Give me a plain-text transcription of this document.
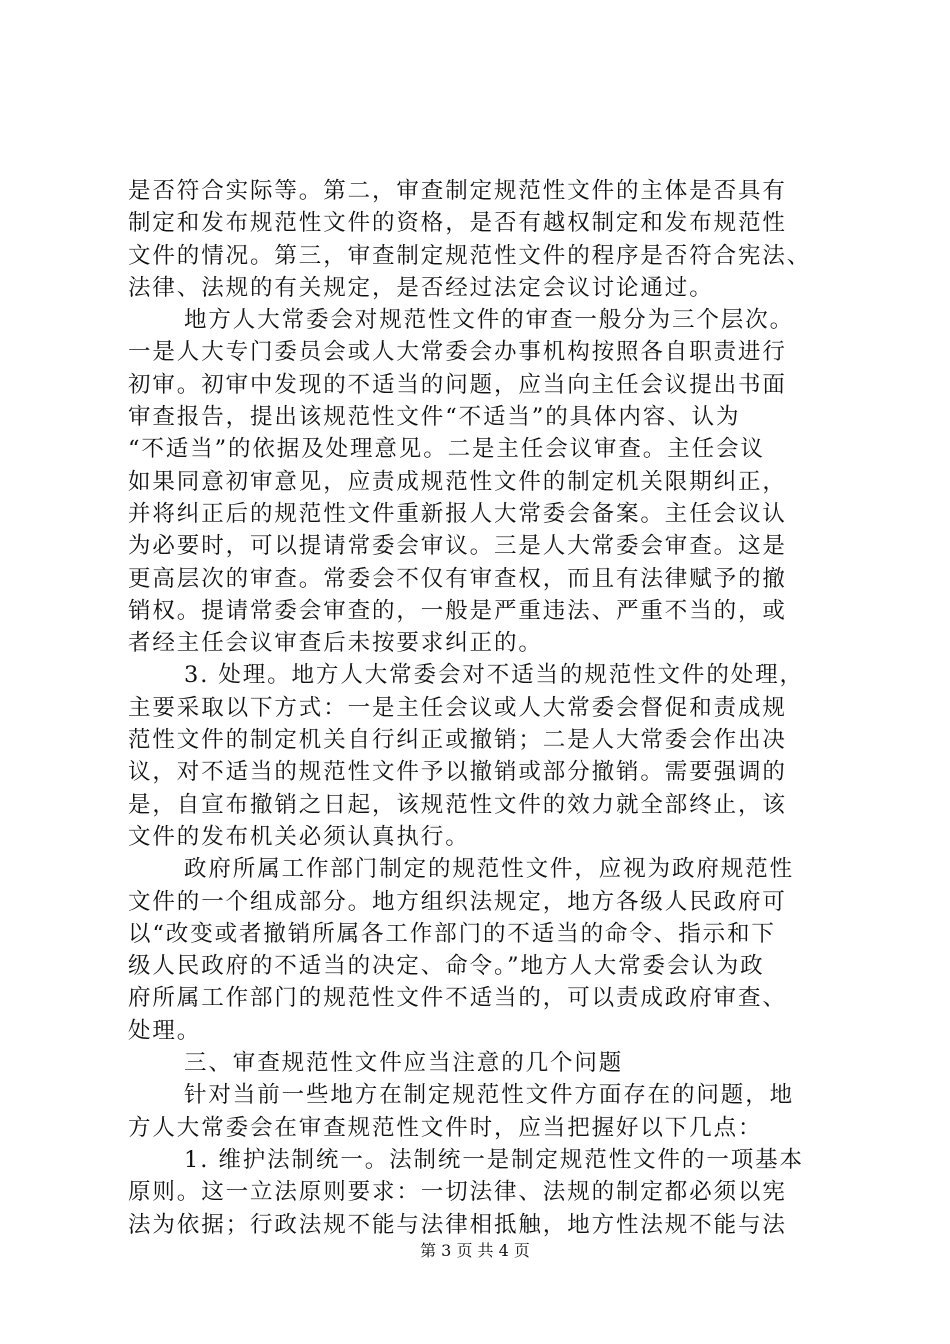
是否符合实际等。第二，审查制定规范性文件的主体是否具有
制定和发布规范性文件的资格，是否有越权制定和发布规范性
文件的情况。第三，审查制定规范性文件的程序是否符合宪法、
法律、法规的有关规定，是否经过法定会议讨论通过。
地方人大常委会对规范性文件的审查一般分为三个层次。
一是人大专门委员会或人大常委会办事机构按照各自职责进行
初审。初审中发现的不适当的问题，应当向主任会议提出书面
审查报告，提出该规范性文件“不适当”的具体内容、认为
“不适当”的依据及处理意见。二是主任会议审查。主任会议
如果同意初审意见，应责成规范性文件的制定机关限期纠正，
并将纠正后的规范性文件重新报人大常委会备案。主任会议认
为必要时，可以提请常委会审议。三是人大常委会审查。这是
更高层次的审查。常委会不仅有审查权，而且有法律赋予的撤
销权。提请常委会审查的，一般是严重违法、严重不当的，或
者经主任会议审查后未按要求纠正的。
3. 处理。地方人大常委会对不适当的规范性文件的处理，
主要采取以下方式：一是主任会议或人大常委会督促和责成规
范性文件的制定机关自行纠正或撤销；二是人大常委会作出决
议，对不适当的规范性文件予以撤销或部分撤销。需要强调的
是，自宣布撤销之日起，该规范性文件的效力就全部终止，该
文件的发布机关必须认真执行。
政府所属工作部门制定的规范性文件，应视为政府规范性
文件的一个组成部分。地方组织法规定，地方各级人民政府可
以“改变或者撤销所属各工作部门的不适当的命令、指示和下
级人民政府的不适当的决定、命令。”地方人大常委会认为政
府所属工作部门的规范性文件不适当的，可以责成政府审查、
处理。
三、审查规范性文件应当注意的几个问题
针对当前一些地方在制定规范性文件方面存在的问题，地
方人大常委会在审查规范性文件时，应当把握好以下几点：
1. 维护法制统一。法制统一是制定规范性文件的一项基本
原则。这一立法原则要求：一切法律、法规的制定都必须以宪
法为依据；行政法规不能与法律相抵触，地方性法规不能与法
第 3 页 共 4 页
